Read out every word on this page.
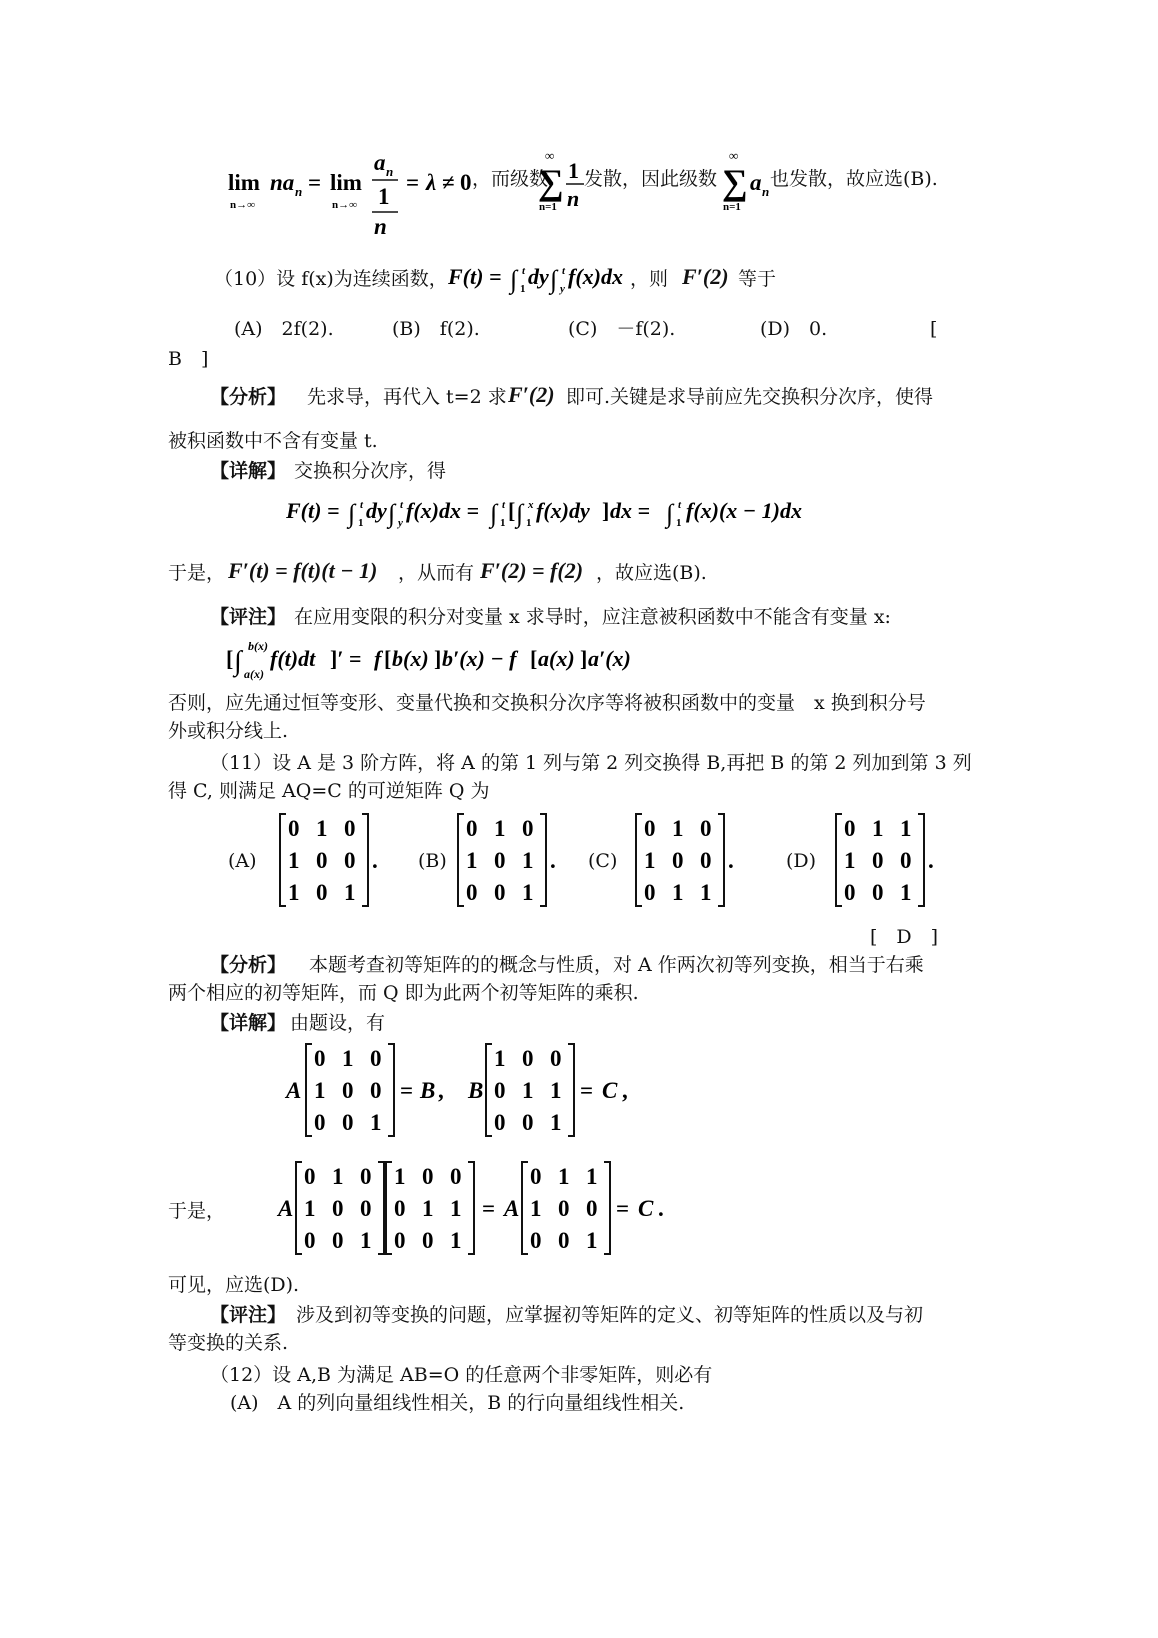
lim
n→∞
na n = lim
n→∞
a n
1
n
= λ ≠ 0 ，而级数
∞
∑
n=1
1
n
发散，因此级数
∞
∑
n=1
a n
也发散，故应选(B).
（10）设 f(x)为连续函数， F(t) = ∫ t
1 dy ∫ t
y f(x)dx ，则 F′(2) 等于
(A)　2f(2).	(B)　f(2).	(C)　－f(2).	(D)　0.	[
B　]
【分析】 　先求导，再代入 t=2 求 F′(2) 即可.关键是求导前应先交换积分次序，使得
被积函数中不含有变量 t.
【详解】 交换积分次序，得
F(t) = ∫ t
1 dy ∫ t
y f(x)dx = ∫ t
1 [ ∫ x
1 f(x)dy ] dx = ∫ t
1 f(x)(x − 1)dx
于是， F′(t) = f(t)(t − 1) ，从而有 F′(2) = f(2) ，故应选(B).
【评注】 在应用变限的积分对变量 x 求导时，应注意被积函数中不能含有变量 x:
[ ∫ b(x)
a(x)
f(t)dt ]′ = f [ b(x) ] b′(x) − f [ a(x) ] a′(x)
否则，应先通过恒等变形、变量代换和交换积分次序等将被积函数中的变量　x 换到积分号
外或积分线上.
（11）设 A 是 3 阶方阵，将 A 的第 1 列与第 2 列交换得 B,再把 B 的第 2 列加到第 3 列
得 C, 则满足 AQ=C 的可逆矩阵 Q 为
(A)
0 1 0
1 0 0
1 0 1
. (B)
0 1 0
1 0 1
0 0 1
. (C)
0 1 0
1 0 0
0 1 1
.	(D)
0 1 1
1 0 0
0 0 1
.
[　D　]
【分析】 　本题考查初等矩阵的的概念与性质，对 A 作两次初等列变换，相当于右乘
两个相应的初等矩阵，而 Q 即为此两个初等矩阵的乘积.
【详解】 由题设，有
A
0 1 0
1 0 0
0 0 1
= B , B
1 0 0
0 1 1
0 0 1
= C ,
于是， A
0 1 0
1 0 0
0 0 1
1 0 0
0 1 1
0 0 1
= A
0 1 1
1 0 0
0 0 1
= C .
可见，应选(D).
【评注】 涉及到初等变换的问题，应掌握初等矩阵的定义、初等矩阵的性质以及与初
等变换的关系.
（12）设 A,B 为满足 AB=O 的任意两个非零矩阵，则必有
(A)　A 的列向量组线性相关，B 的行向量组线性相关.
